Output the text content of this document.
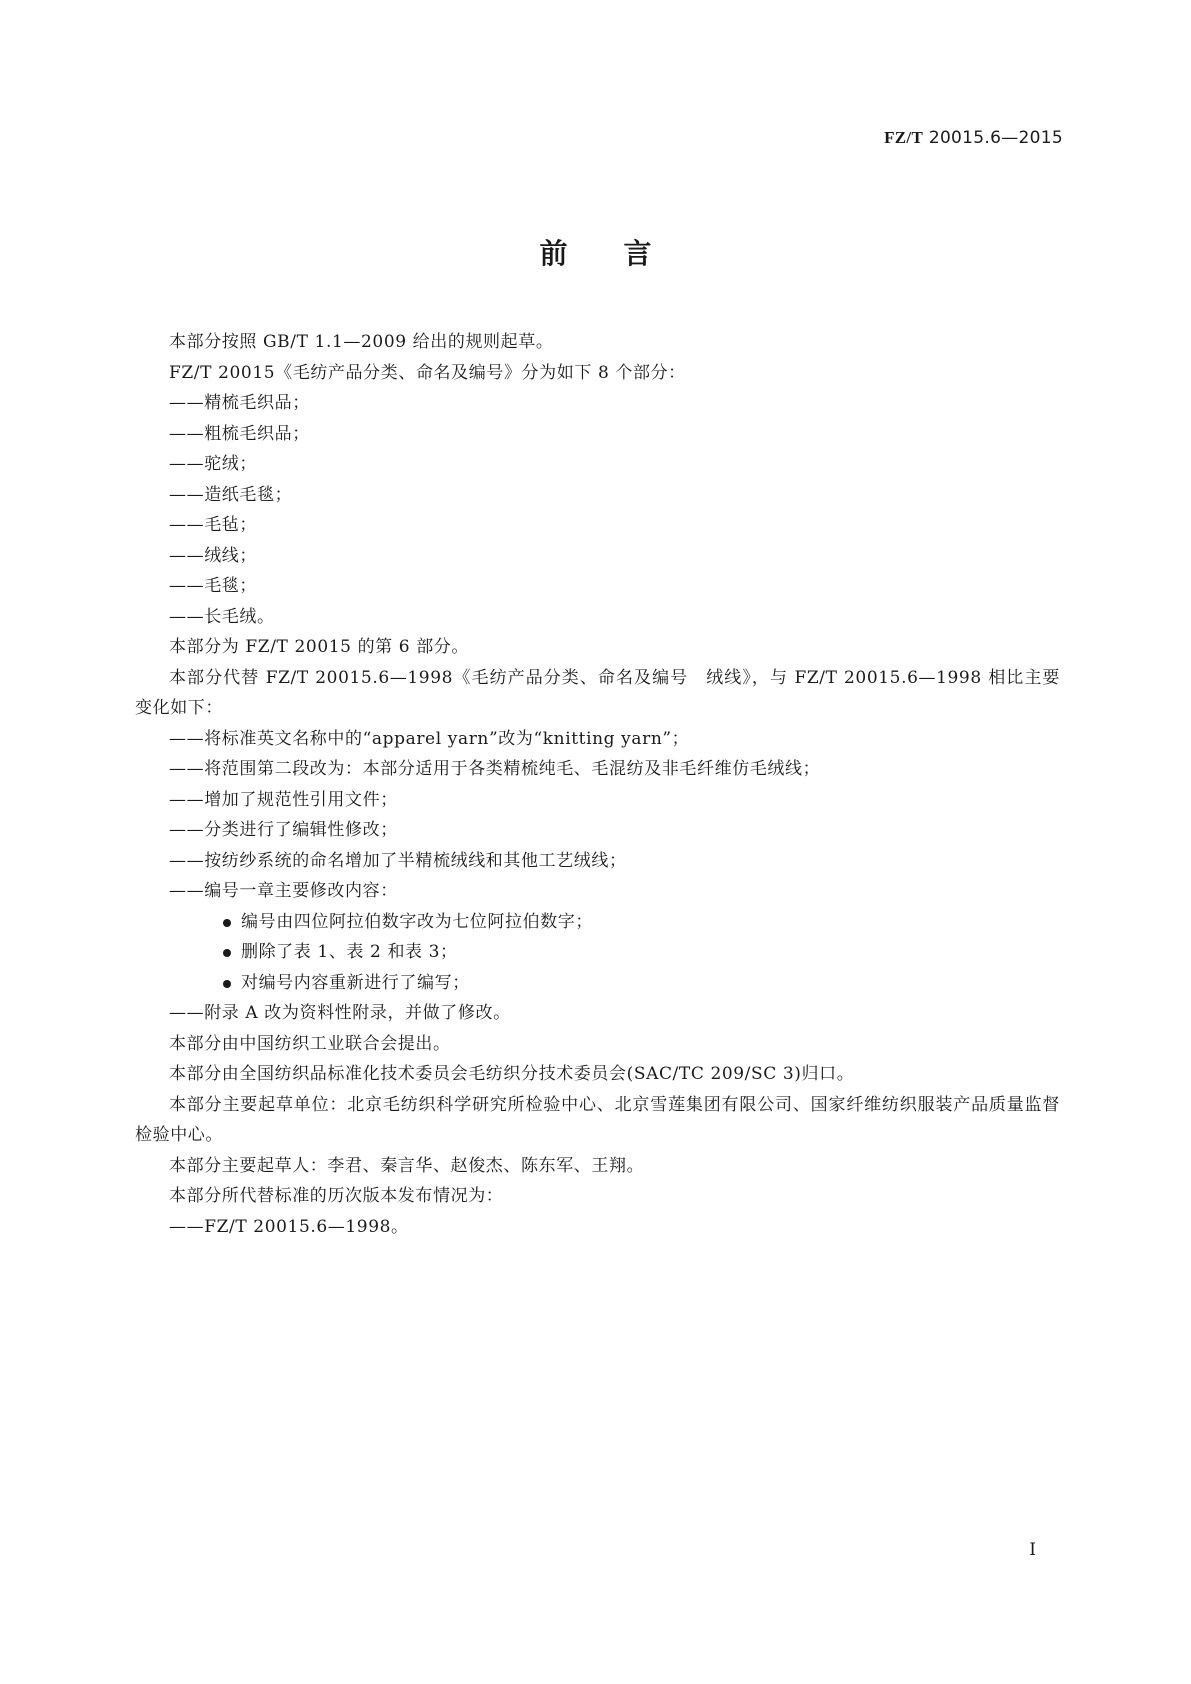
FZ/T 20015.6—2015
前言

本部分按照 GB/T 1.1—2009 给出的规则起草。

FZ/T 20015《毛纺产品分类、命名及编号》分为如下 8 个部分：

——精梳毛织品；

——粗梳毛织品；

——驼绒；

——造纸毛毯；

——毛毡；

——绒线；

——毛毯；

——长毛绒。

本部分为 FZ/T 20015 的第 6 部分。

本部分代替 FZ/T 20015.6—1998《毛纺产品分类、命名及编号　绒线》，与 FZ/T 20015.6—1998 相比主要变化如下：

——将标准英文名称中的“apparel yarn”改为“knitting yarn”；

——将范围第二段改为：本部分适用于各类精梳纯毛、毛混纺及非毛纤维仿毛绒线；

——增加了规范性引用文件；

——分类进行了编辑性修改；

——按纺纱系统的命名增加了半精梳绒线和其他工艺绒线；

——编号一章主要修改内容：

编号由四位阿拉伯数字改为七位阿拉伯数字；

删除了表 1、表 2 和表 3；

对编号内容重新进行了编写；

——附录 A 改为资料性附录，并做了修改。

本部分由中国纺织工业联合会提出。

本部分由全国纺织品标准化技术委员会毛纺织分技术委员会(SAC/TC 209/SC 3)归口。

本部分主要起草单位：北京毛纺织科学研究所检验中心、北京雪莲集团有限公司、国家纤维纺织服装产品质量监督检验中心。

本部分主要起草人：李君、秦言华、赵俊杰、陈东军、王翔。

本部分所代替标准的历次版本发布情况为：

——FZ/T 20015.6—1998。

I
